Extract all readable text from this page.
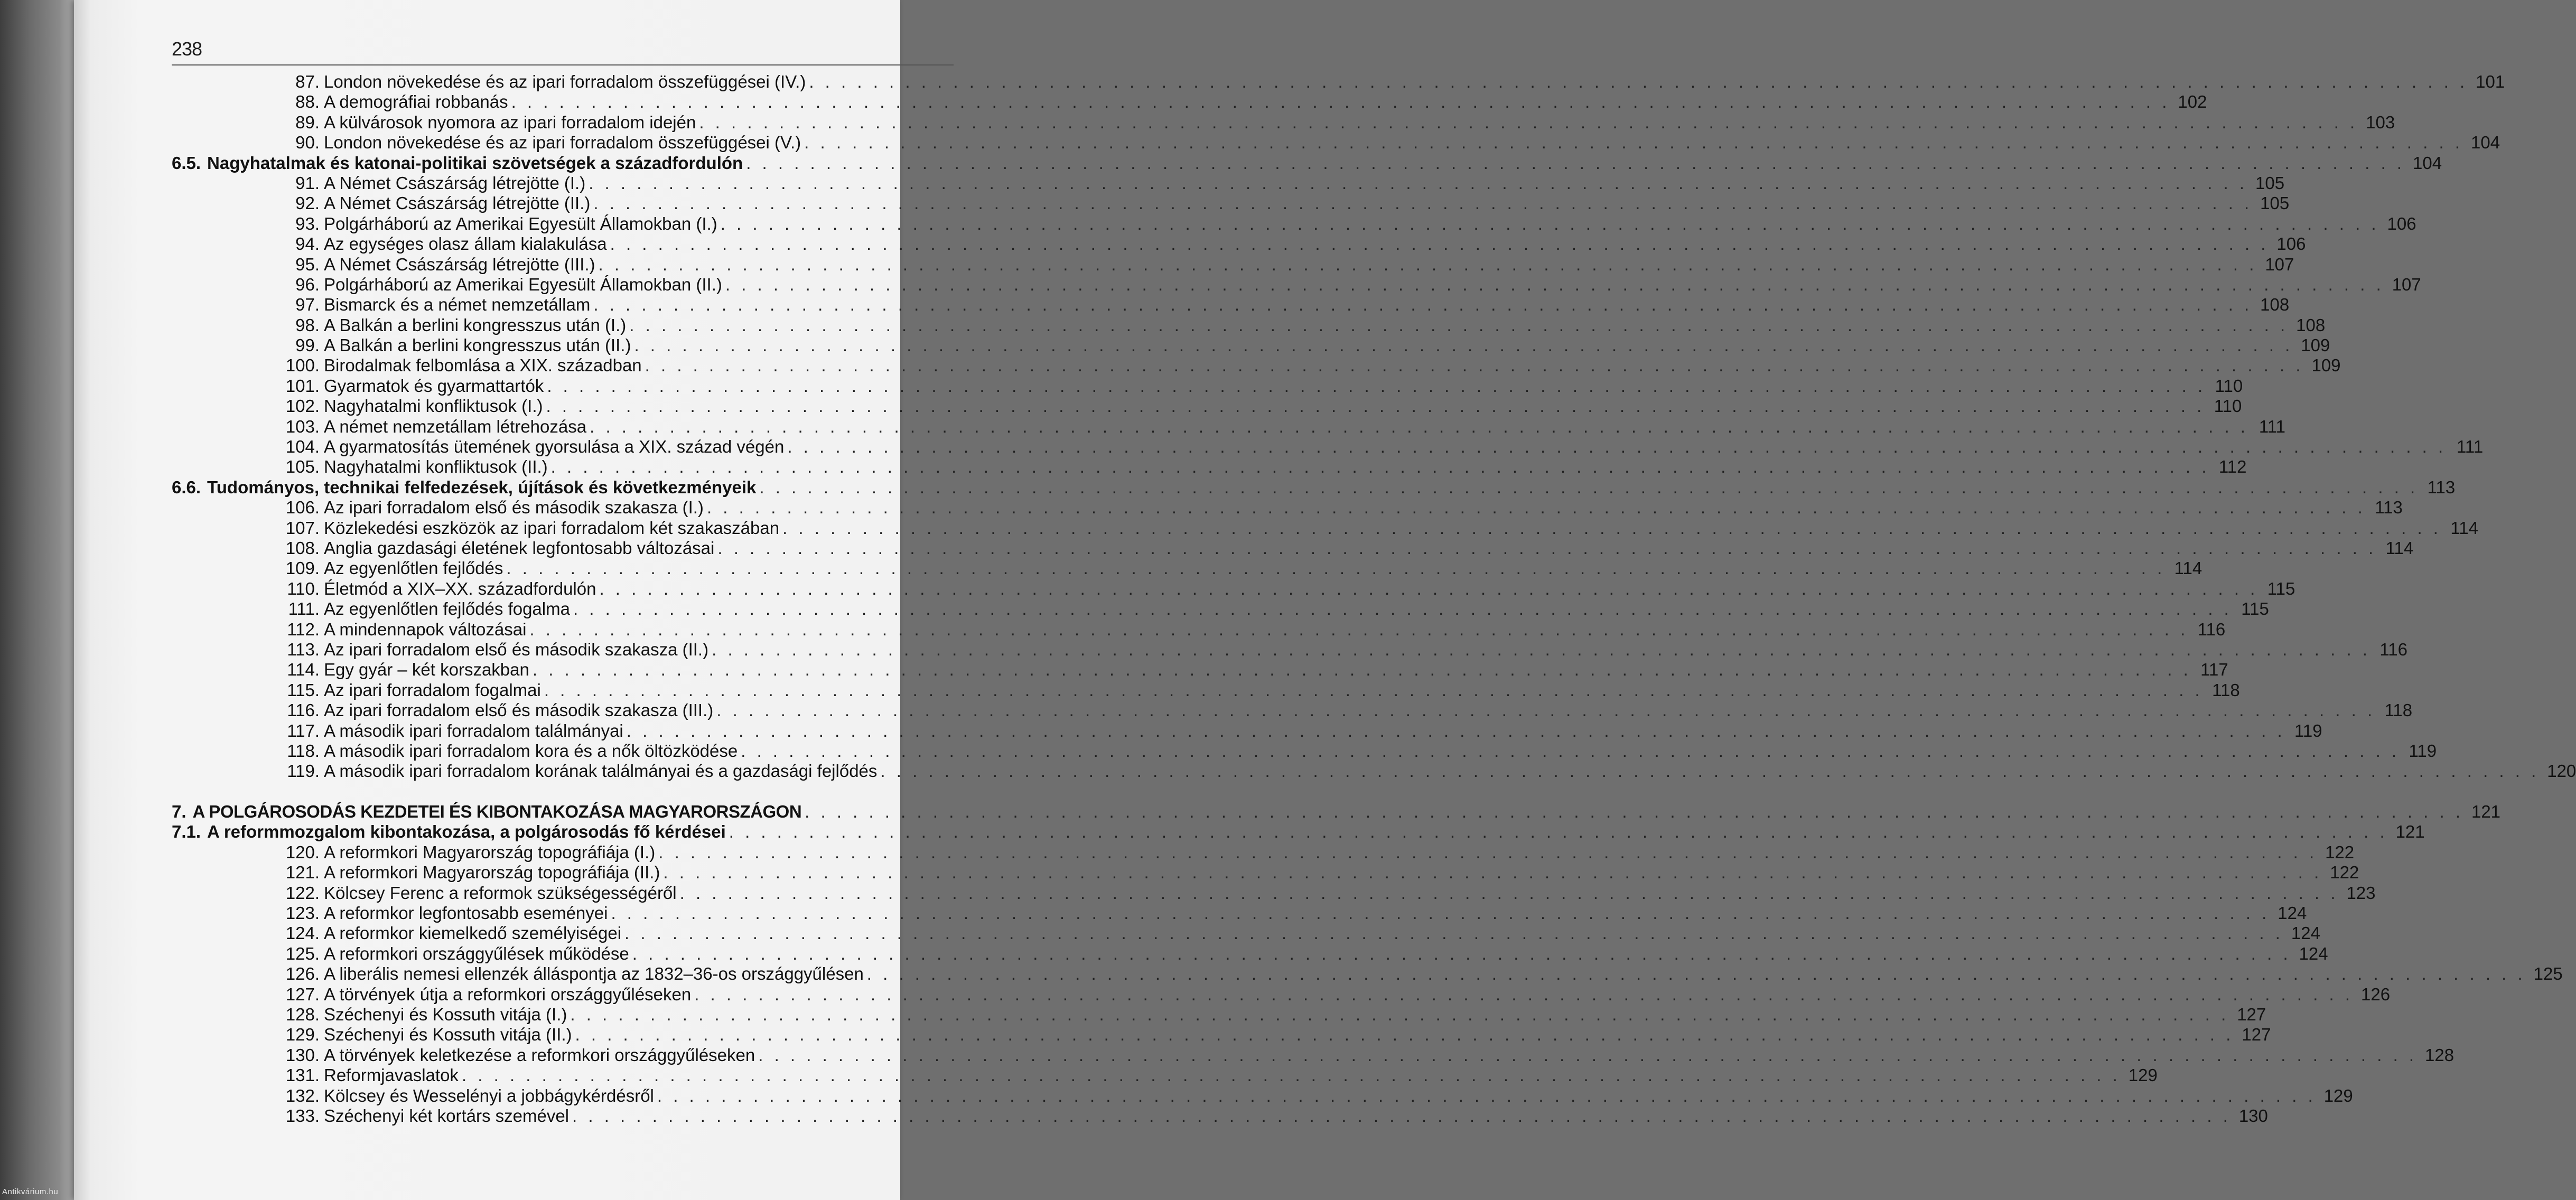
238
87. London növekedése és az ipari forradalom összefüggései (IV.) . . .	101
88. A demográfiai robbanás . . .	102
89. A külvárosok nyomora az ipari forradalom idején . . .	103
90. London növekedése és az ipari forradalom összefüggései (V.) . . .	104
6.5. Nagyhatalmak és katonai-politikai szövetségek a századfordulón . . .	104
91. A Német Császárság létrejötte (I.) . . .	105
92. A Német Császárság létrejötte (II.) . . .	105
93. Polgárháború az Amerikai Egyesült Államokban (I.) . . .	106
94. Az egységes olasz állam kialakulása . . .	106
95. A Német Császárság létrejötte (III.) . . .	107
96. Polgárháború az Amerikai Egyesült Államokban (II.) . . .	107
97. Bismarck és a német nemzetállam . . .	108
98. A Balkán a berlini kongresszus után (I.) . . .	108
99. A Balkán a berlini kongresszus után (II.) . . .	109
100. Birodalmak felbomlása a XIX. században . . .	109
101. Gyarmatok és gyarmattartók . . .	110
102. Nagyhatalmi konfliktusok (I.) . . .	110
103. A német nemzetállam létrehozása . . .	111
104. A gyarmatosítás ütemének gyorsulása a XIX. század végén . . .	111
105. Nagyhatalmi konfliktusok (II.) . . .	112
6.6. Tudományos, technikai felfedezések, újítások és következményeik . . .	113
106. Az ipari forradalom első és második szakasza (I.) . . .	113
107. Közlekedési eszközök az ipari forradalom két szakaszában . . .	114
108. Anglia gazdasági életének legfontosabb változásai . . .	114
109. Az egyenlőtlen fejlődés . . .	114
110. Életmód a XIX–XX. századfordulón . . .	115
111. Az egyenlőtlen fejlődés fogalma . . .	115
112. A mindennapok változásai . . .	116
113. Az ipari forradalom első és második szakasza (II.) . . .	116
114. Egy gyár – két korszakban . . .	117
115. Az ipari forradalom fogalmai . . .	118
116. Az ipari forradalom első és második szakasza (III.) . . .	118
117. A második ipari forradalom találmányai . . .	119
118. A második ipari forradalom kora és a nők öltözködése . . .	119
119. A második ipari forradalom korának találmányai és a gazdasági fejlődés . . .	120
7. A POLGÁROSODÁS KEZDETEI ÉS KIBONTAKOZÁSA MAGYARORSZÁGON . . .	121
7.1. A reformmozgalom kibontakozása, a polgárosodás fő kérdései . . .	121
120. A reformkori Magyarország topográfiája (I.) . . .	122
121. A reformkori Magyarország topográfiája (II.) . . .	122
122. Kölcsey Ferenc a reformok szükségességéről . . .	123
123. A reformkor legfontosabb eseményei . . .	124
124. A reformkor kiemelkedő személyiségei . . .	124
125. A reformkori országgyűlések működése . . .	124
126. A liberális nemesi ellenzék álláspontja az 1832–36-os országgyűlésen . . .	125
127. A törvények útja a reformkori országgyűléseken . . .	126
128. Széchenyi és Kossuth vitája (I.) . . .	127
129. Széchenyi és Kossuth vitája (II.) . . .	127
130. A törvények keletkezése a reformkori országgyűléseken . . .	128
131. Reformjavaslatok . . .	129
132. Kölcsey és Wesselényi a jobbágykérdésről . . .	129
133. Széchenyi két kortárs szemével . . .	130
Antikvárium.hu
